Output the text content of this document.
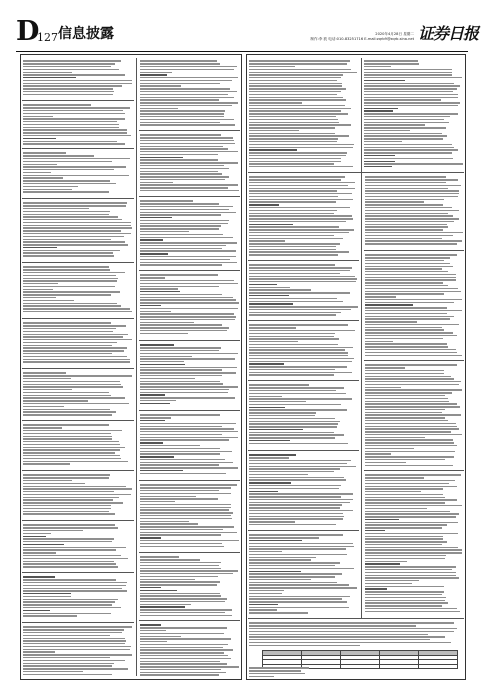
D
127 信息披露	2020年4月28日 星期二
制作:李 波 电话:010-83251716 E-mail:zqrb9@zqrb.sina.net 证券日报
